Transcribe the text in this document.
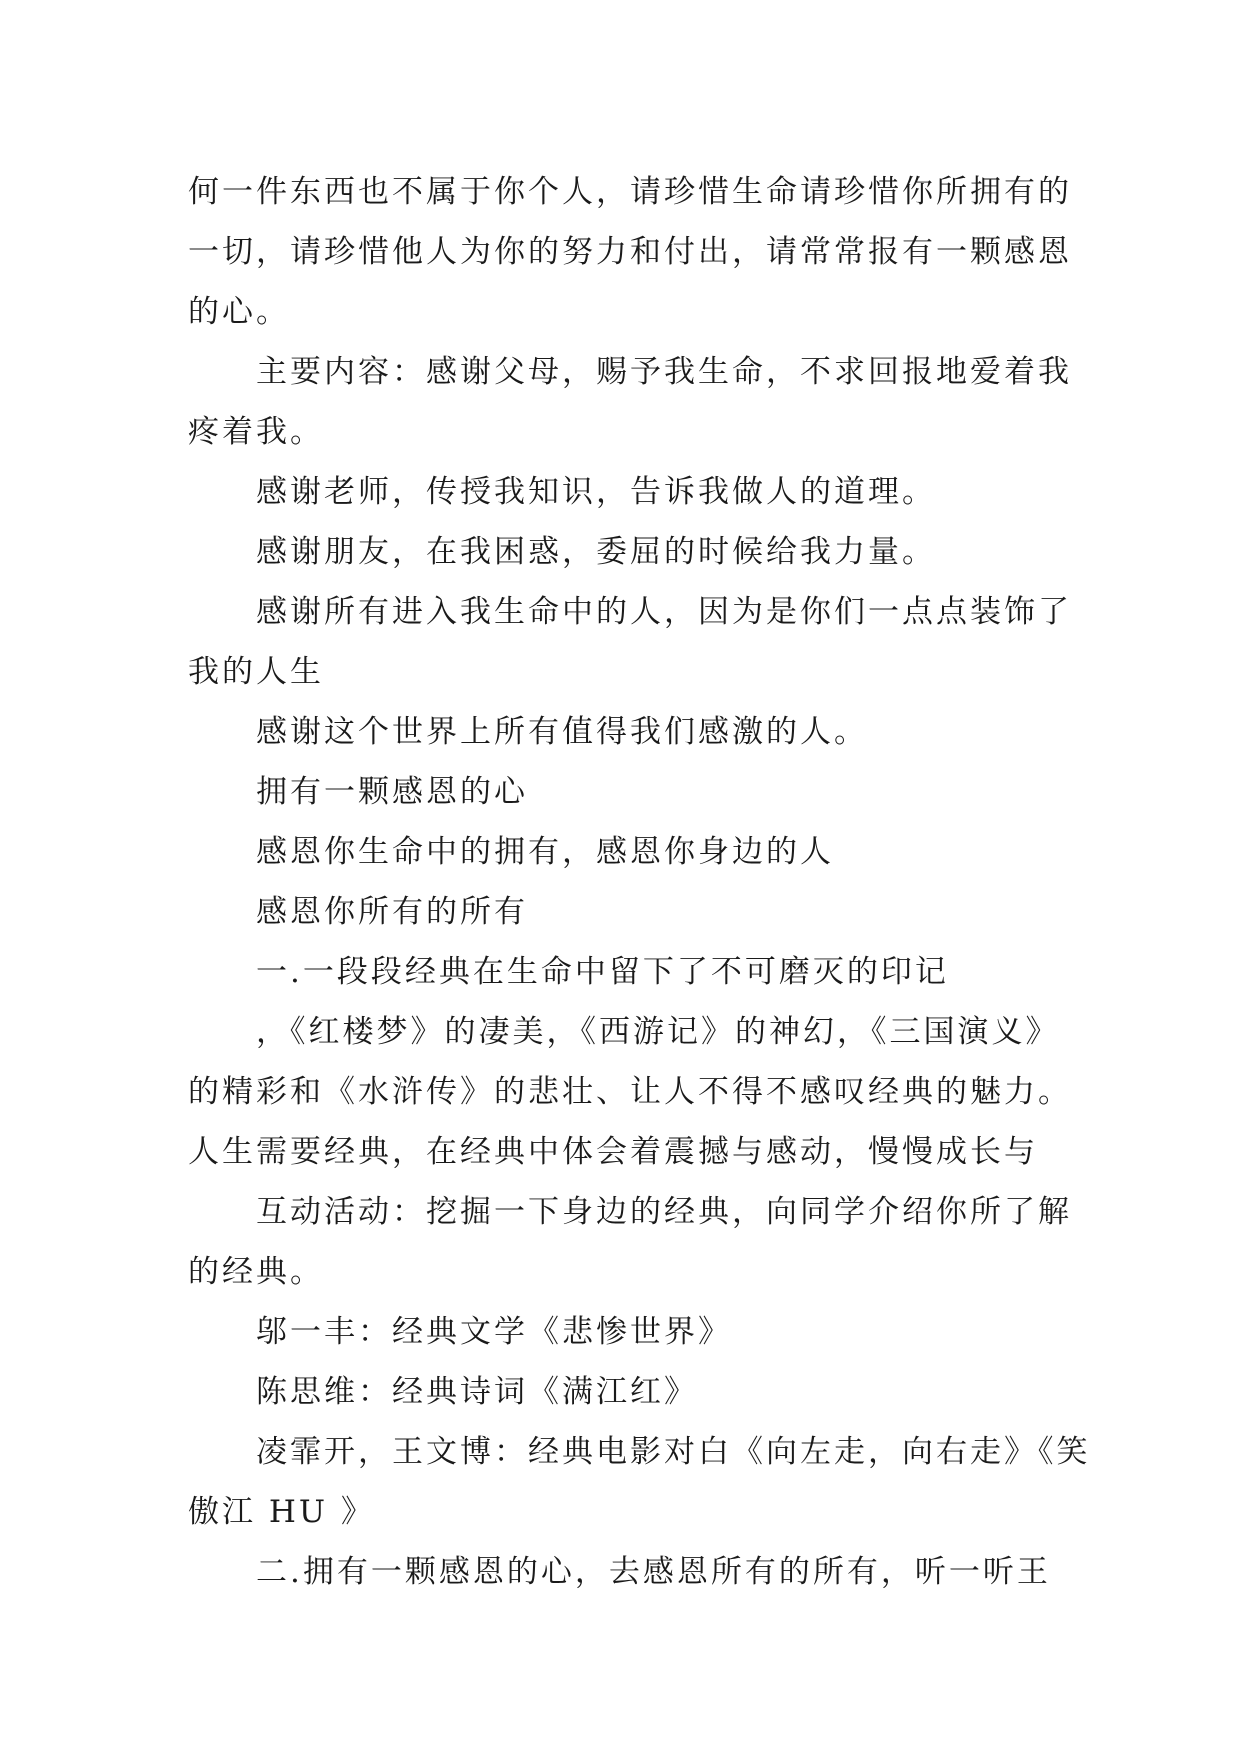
何一件东西也不属于你个人，请珍惜生命请珍惜你所拥有的
一切，请珍惜他人为你的努力和付出，请常常报有一颗感恩
的心。
主要内容：感谢父母，赐予我生命，不求回报地爱着我
疼着我。
感谢老师，传授我知识，告诉我做人的道理。
感谢朋友，在我困惑，委屈的时候给我力量。
感谢所有进入我生命中的人，因为是你们一点点装饰了
我的人生
感谢这个世界上所有值得我们感激的人。
拥有一颗感恩的心
感恩你生命中的拥有，感恩你身边的人
感恩你所有的所有
一.一段段经典在生命中留下了不可磨灭的印记
，《红楼梦》的凄美，《西游记》的神幻，《三国演义》
的精彩和《水浒传》的悲壮、让人不得不感叹经典的魅力。
人生需要经典，在经典中体会着震撼与感动，慢慢成长与
互动活动：挖掘一下身边的经典，向同学介绍你所了解
的经典。
邬一丰：经典文学《悲惨世界》
陈思维：经典诗词《满江红》
凌霏开，王文博：经典电影对白《向左走，向右走》《笑
傲江 HU 》
二.拥有一颗感恩的心，去感恩所有的所有，听一听王
